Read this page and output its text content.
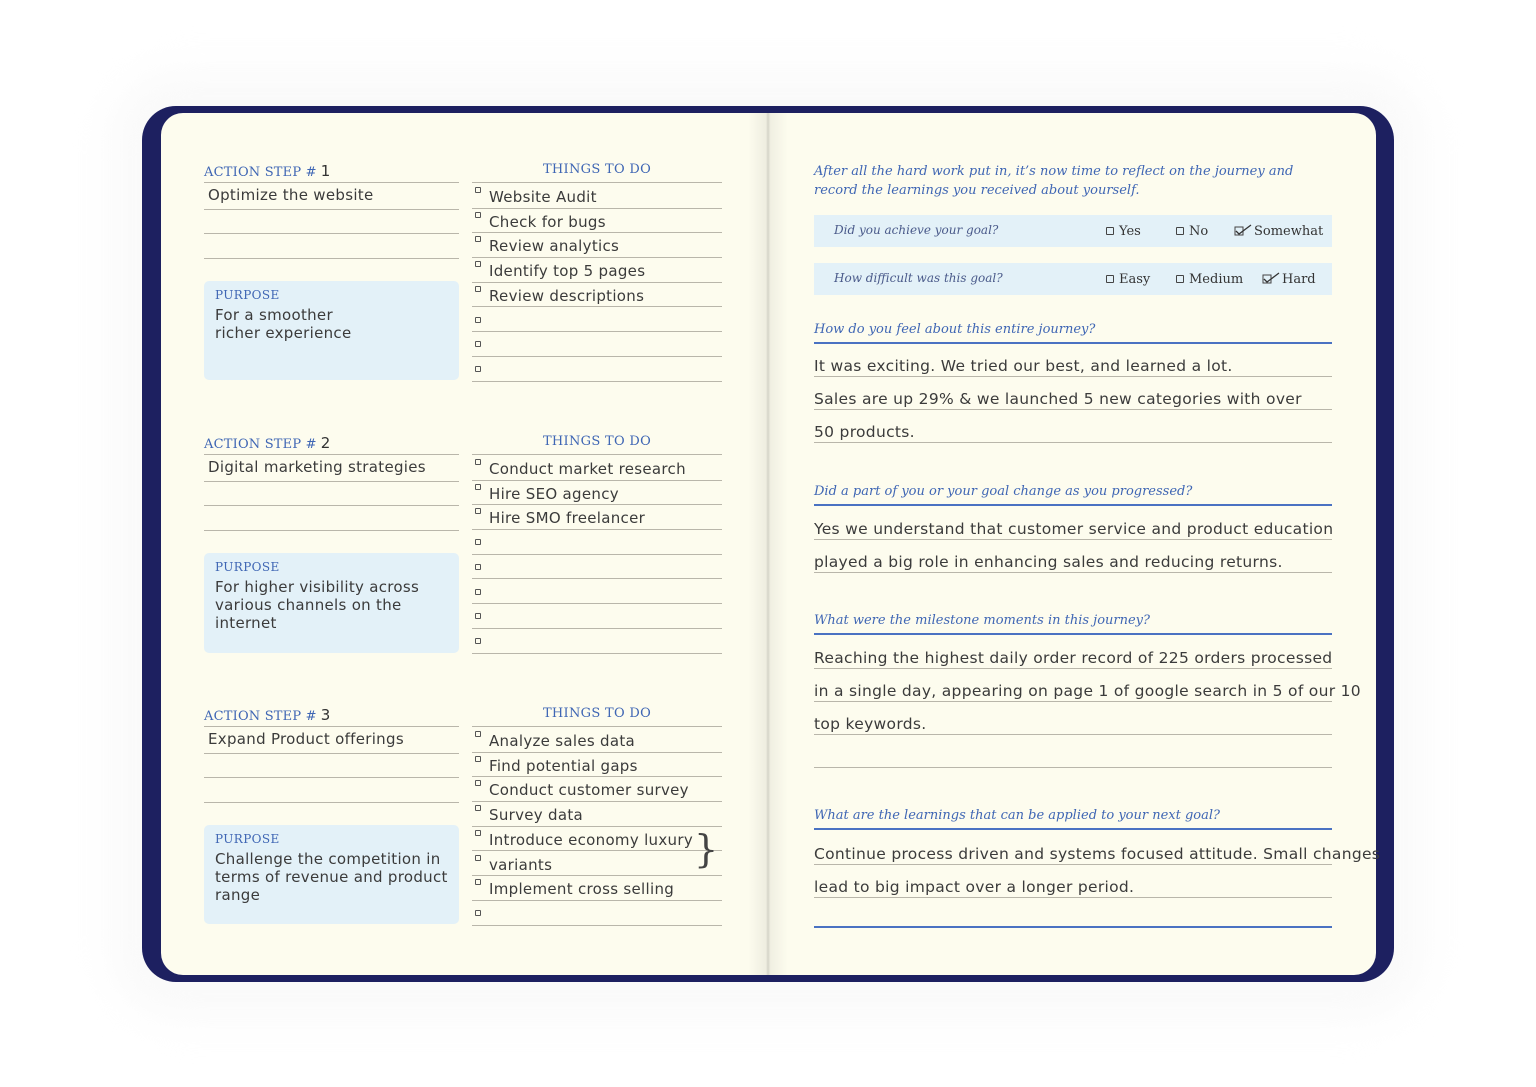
ACTION STEP # 1
Optimize the website
PURPOSE
For a smoother
richer experience
THINGS TO DO
Website Audit
Check for bugs
Review analytics
Identify top 5 pages
Review descriptions
ACTION STEP # 2
Digital marketing strategies
PURPOSE
For higher visibility across
various channels on the
internet
THINGS TO DO
Conduct market research
Hire SEO agency
Hire SMO freelancer
ACTION STEP # 3
Expand Product offerings
PURPOSE
Challenge the competition in
terms of revenue and product
range
THINGS TO DO
Analyze sales data
Find potential gaps
Conduct customer survey
Survey data
Introduce economy luxury
variants
Implement cross selling
}
After all the hard work put in, it’s now time to reflect on the journey and record the learnings you received about yourself.
Did you achieve your goal?	Yes	No	Somewhat
How difficult was this goal?	Easy	Medium	Hard
How do you feel about this entire journey?
It was exciting. We tried our best, and learned a lot.
Sales are up 29% & we launched 5 new categories with over
50 products.
Did a part of you or your goal change as you progressed?
Yes we understand that customer service and product education
played a big role in enhancing sales and reducing returns.
What were the milestone moments in this journey?
Reaching the highest daily order record of 225 orders processed
in a single day, appearing on page 1 of google search in 5 of our 10
top keywords.
What are the learnings that can be applied to your next goal?
Continue process driven and systems focused attitude. Small changes
lead to big impact over a longer period.
